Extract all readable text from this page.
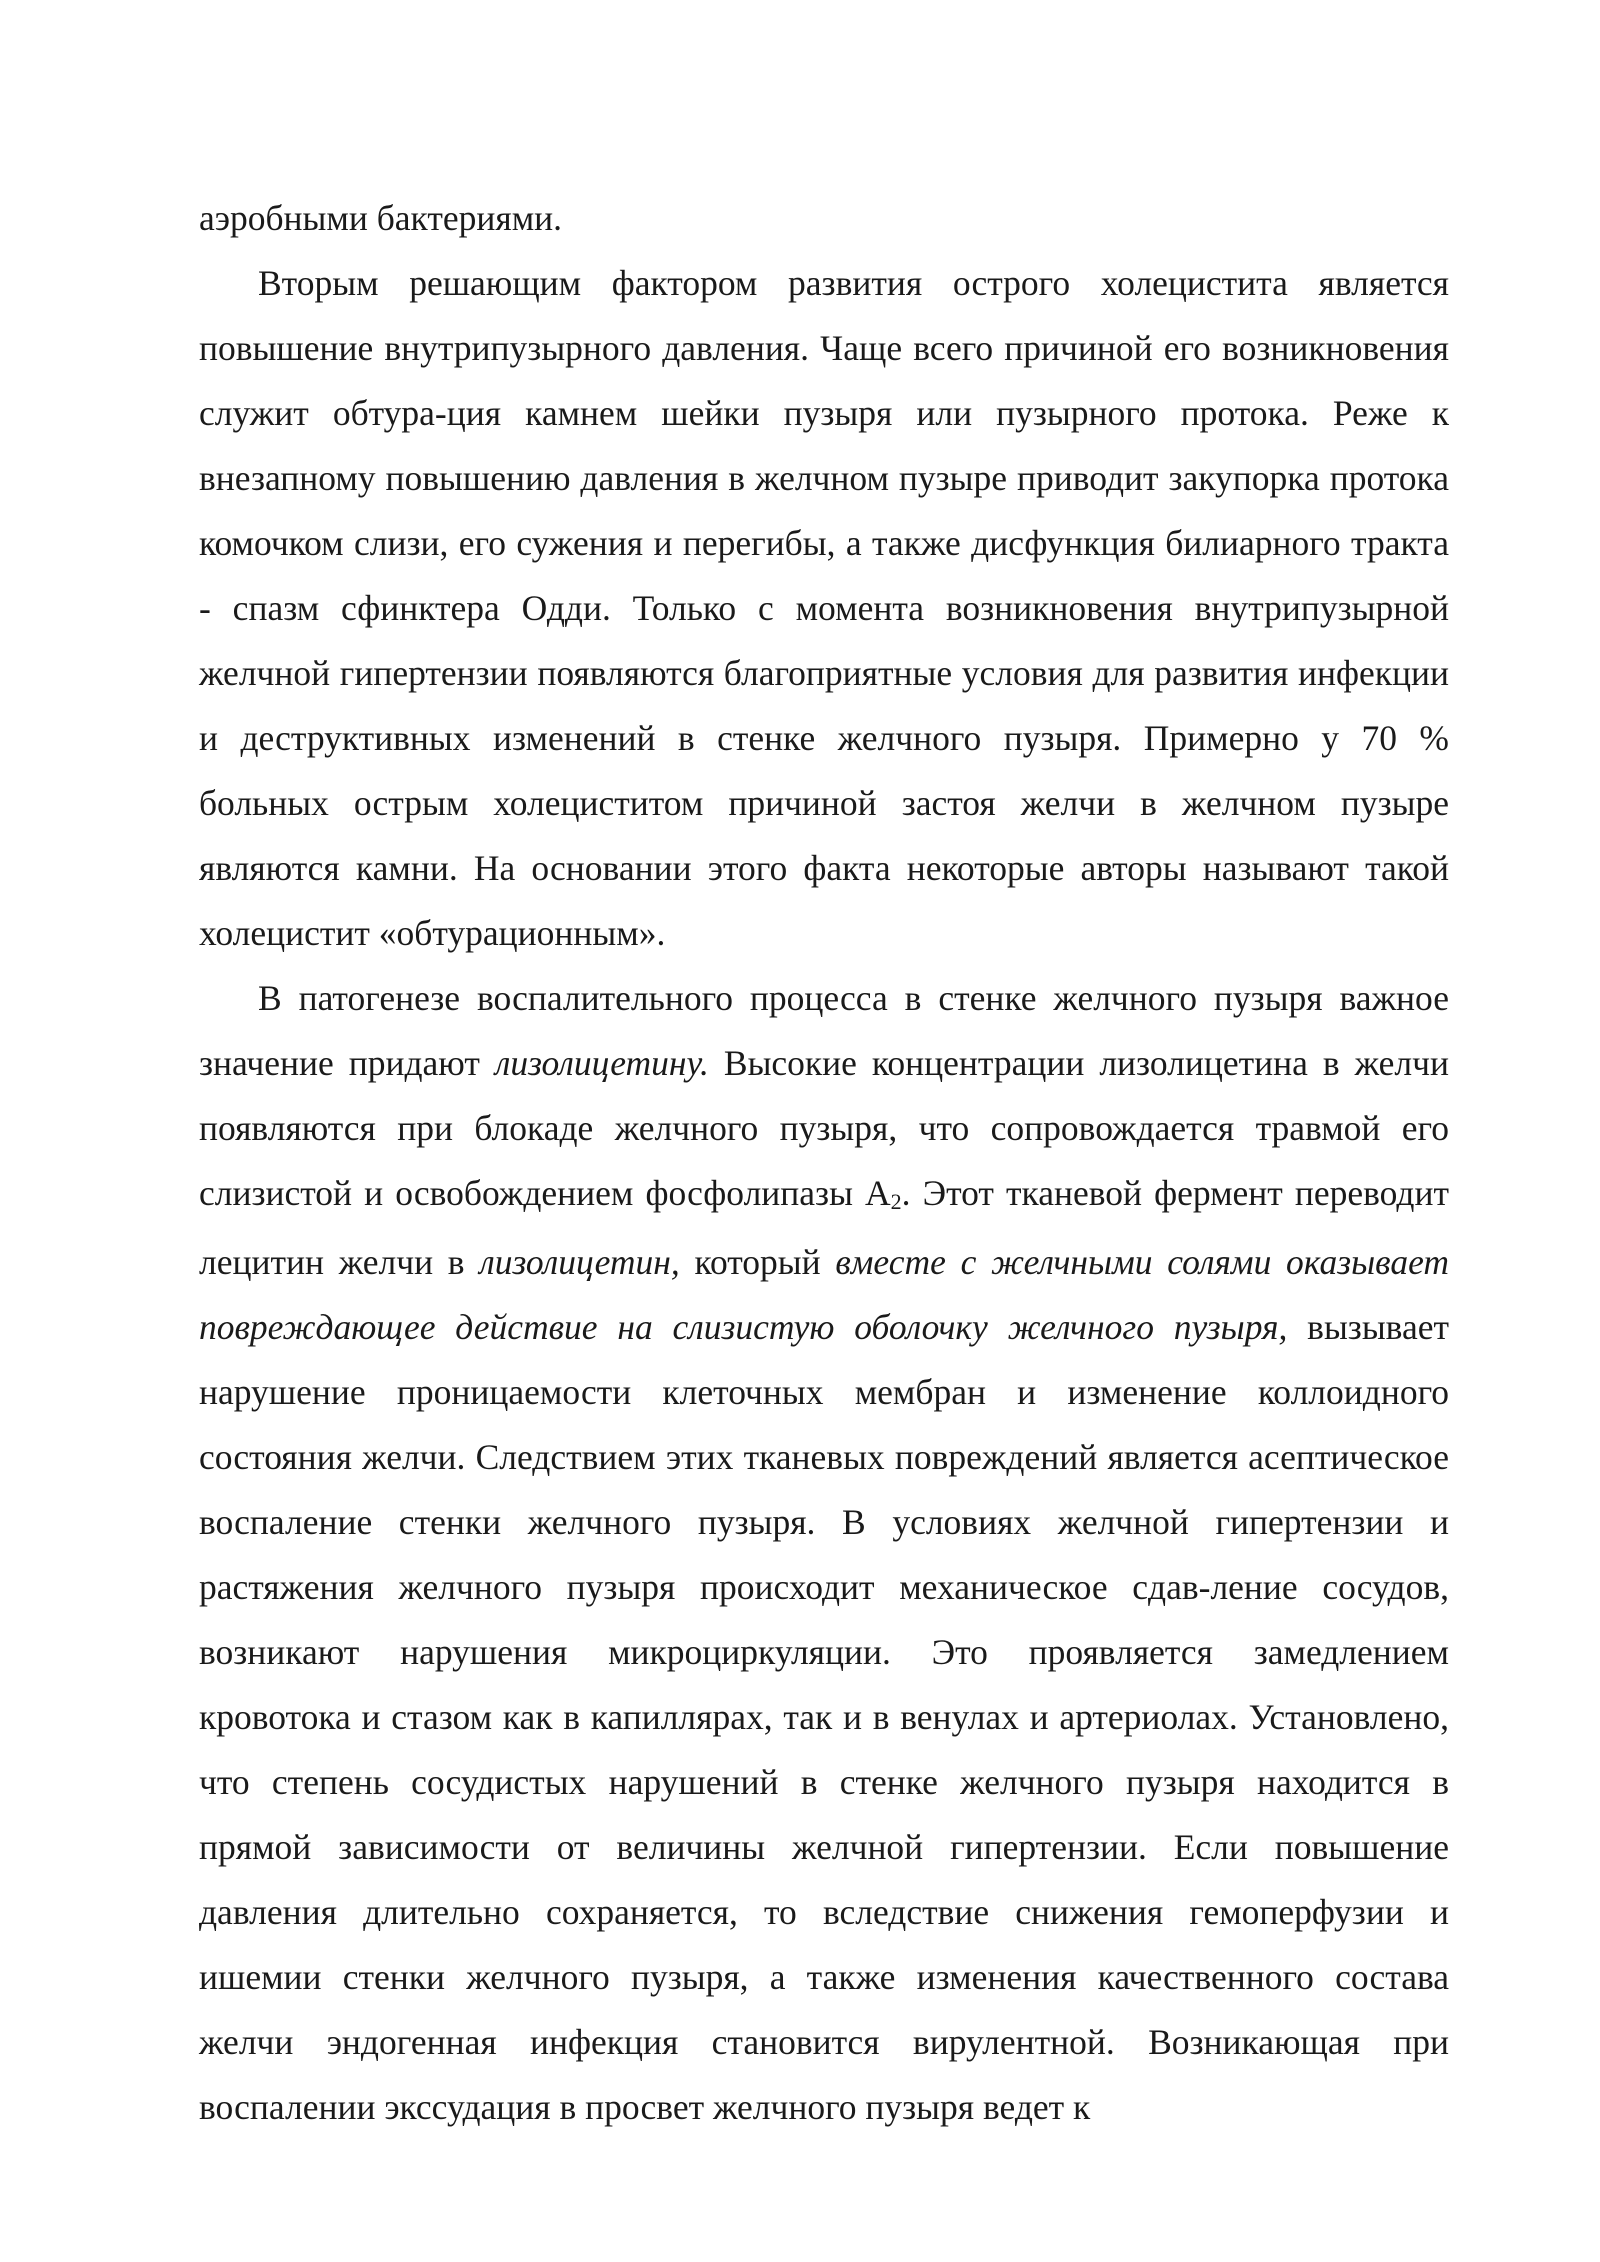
аэробными бактериями.

Вторым решающим фактором развития острого холецистита является повышение внутрипузырного давления. Чаще всего причиной его возникновения служит обтура-ция камнем шейки пузыря или пузырного протока. Реже к внезапному повышению давления в желчном пузыре приводит закупорка протока комочком слизи, его сужения и перегибы, а также дисфункция билиарного тракта - спазм сфинктера Одди. Только с момента возникновения внутрипузырной желчной гипертензии появляются благоприятные условия для развития инфекции и деструктивных изменений в стенке желчного пузыря. Примерно у 70 % больных острым холециститом причиной застоя желчи в желчном пузыре являются камни. На основании этого факта некоторые авторы называют такой холецистит «обтурационным».

В патогенезе воспалительного процесса в стенке желчного пузыря важное значение придают лизолицетину. Высокие концентрации лизолицетина в желчи появляются при блокаде желчного пузыря, что сопровождается травмой его слизистой и освобождением фосфолипазы А2. Этот тканевой фермент переводит лецитин желчи в лизолицетин, который вместе с желчными солями оказывает повреждающее действие на слизистую оболочку желчного пузыря, вызывает нарушение проницаемости клеточных мембран и изменение коллоидного состояния желчи. Следствием этих тканевых повреждений является асептическое воспаление стенки желчного пузыря. В условиях желчной гипертензии и растяжения желчного пузыря происходит механическое сдав-ление сосудов, возникают нарушения микроциркуляции. Это проявляется замедлением кровотока и стазом как в капиллярах, так и в венулах и артериолах. Установлено, что степень сосудистых нарушений в стенке желчного пузыря находится в прямой зависимости от величины желчной гипертензии. Если повышение давления длительно сохраняется, то вследствие снижения гемоперфузии и ишемии стенки желчного пузыря, а также изменения качественного состава желчи эндогенная инфекция становится вирулентной. Возникающая при воспалении экссудация в просвет желчного пузыря ведет к
